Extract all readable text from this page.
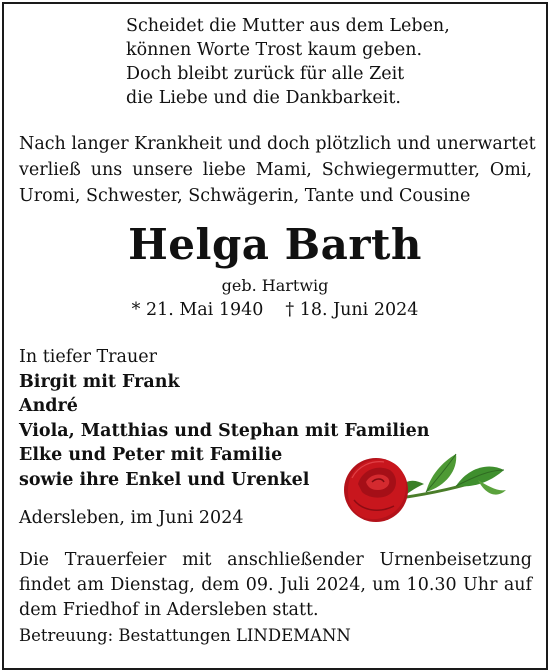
Scheidet die Mutter aus dem Leben,
können Worte Trost kaum geben.
Doch bleibt zurück für alle Zeit
die Liebe und die Dankbarkeit.
Nach langer Krankheit und doch plötzlich und unerwartet
verließ uns unsere liebe Mami, Schwiegermutter, Omi,
Uromi, Schwester, Schwägerin, Tante und Cousine
Helga Barth
geb. Hartwig
* 21. Mai 1940 † 18. Juni 2024
In tiefer Trauer
Birgit mit Frank
André
Viola, Matthias und Stephan mit Familien
Elke und Peter mit Familie
sowie ihre Enkel und Urenkel
Adersleben, im Juni 2024
Die Trauerfeier mit anschließender Urnenbeisetzung
findet am Dienstag, dem 09. Juli 2024, um 10.30 Uhr auf
dem Friedhof in Adersleben statt.
Betreuung: Bestattungen LINDEMANN
